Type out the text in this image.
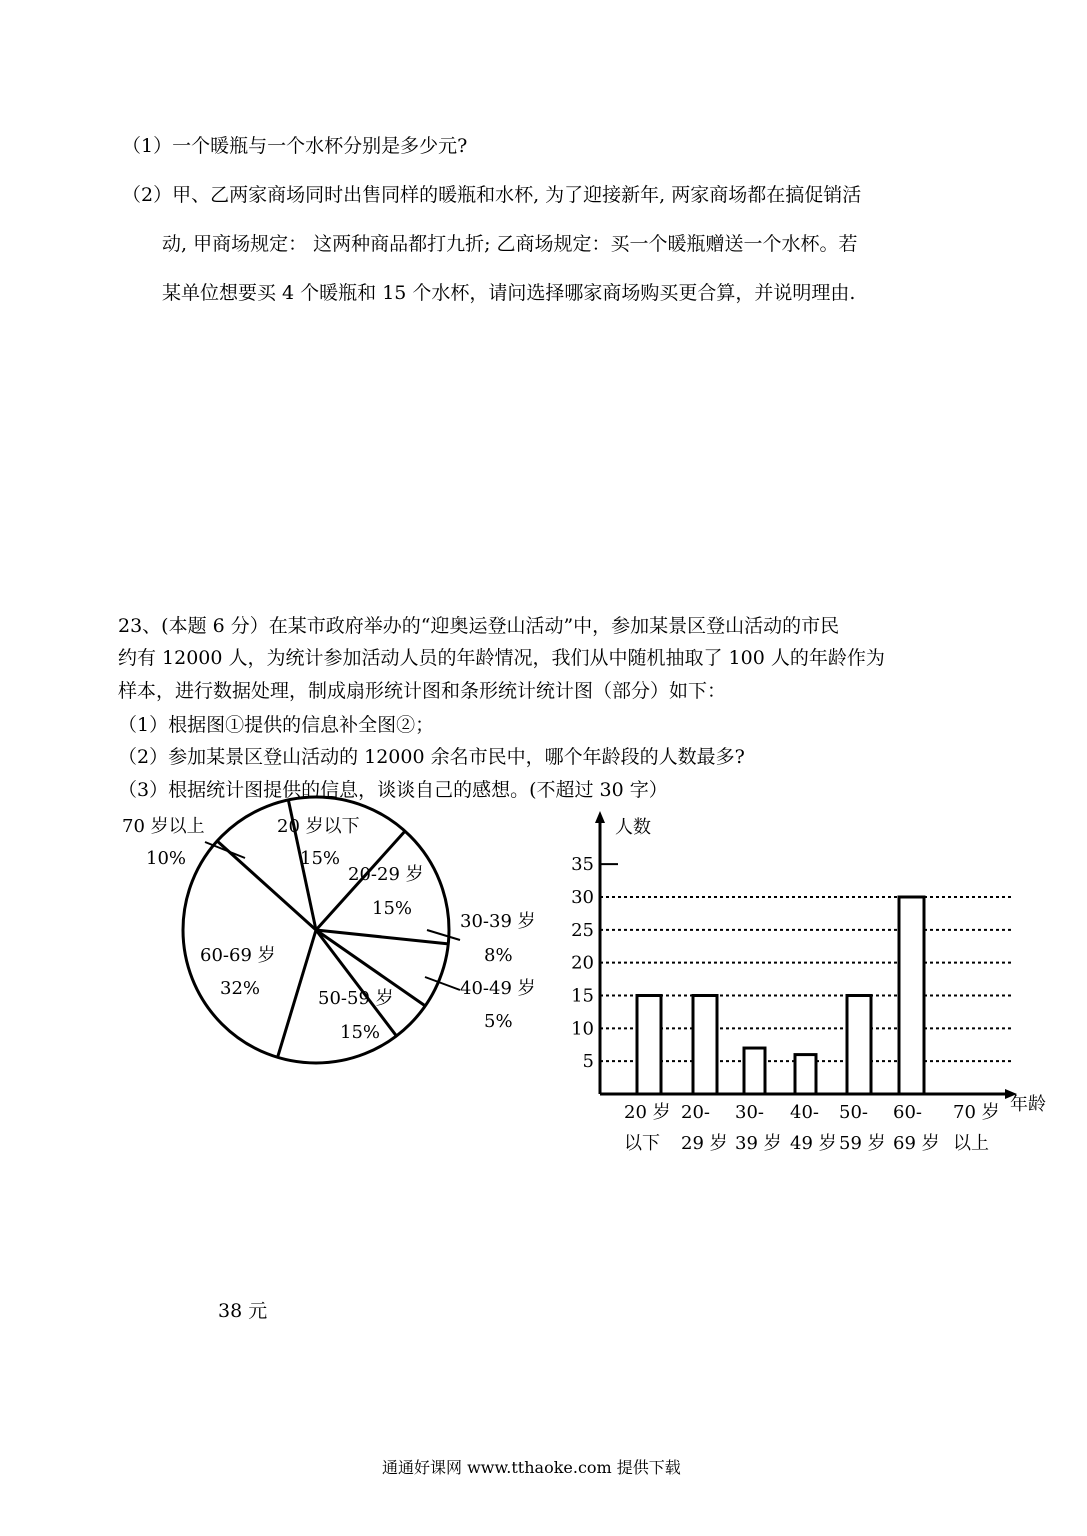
（1）一个暖瓶与一个水杯分别是多少元?
（2）甲、乙两家商场同时出售同样的暖瓶和水杯, 为了迎接新年, 两家商场都在搞促销活
动, 甲商场规定： 这两种商品都打九折; 乙商场规定：买一个暖瓶赠送一个水杯。若
某单位想要买 4 个暖瓶和 15 个水杯，请问选择哪家商场购买更合算，并说明理由.
23、(本题 6 分）在某市政府举办的“迎奥运登山活动”中，参加某景区登山活动的市民
约有 12000 人，为统计参加活动人员的年龄情况，我们从中随机抽取了 100 人的年龄作为
样本，进行数据处理，制成扇形统计图和条形统计统计图（部分）如下：
（1）根据图①提供的信息补全图②；
（2）参加某景区登山活动的 12000 余名市民中，哪个年龄段的人数最多?
（3）根据统计图提供的信息，谈谈自己的感想。(不超过 30 字）
20 岁以下
15%
20-29 岁
15%
30-39 岁
8%
40-49 岁
5%
50-59 岁
15%
60-69 岁
32%
70 岁以上
10%
5
10
15
20
25
30
35
人数
年龄
20 岁
以下
20-
29 岁
30-
39 岁
40-
49 岁
50-
59 岁
60-
69 岁
70 岁
以上
38 元
通通好课网 www.tthaoke.com 提供下载
